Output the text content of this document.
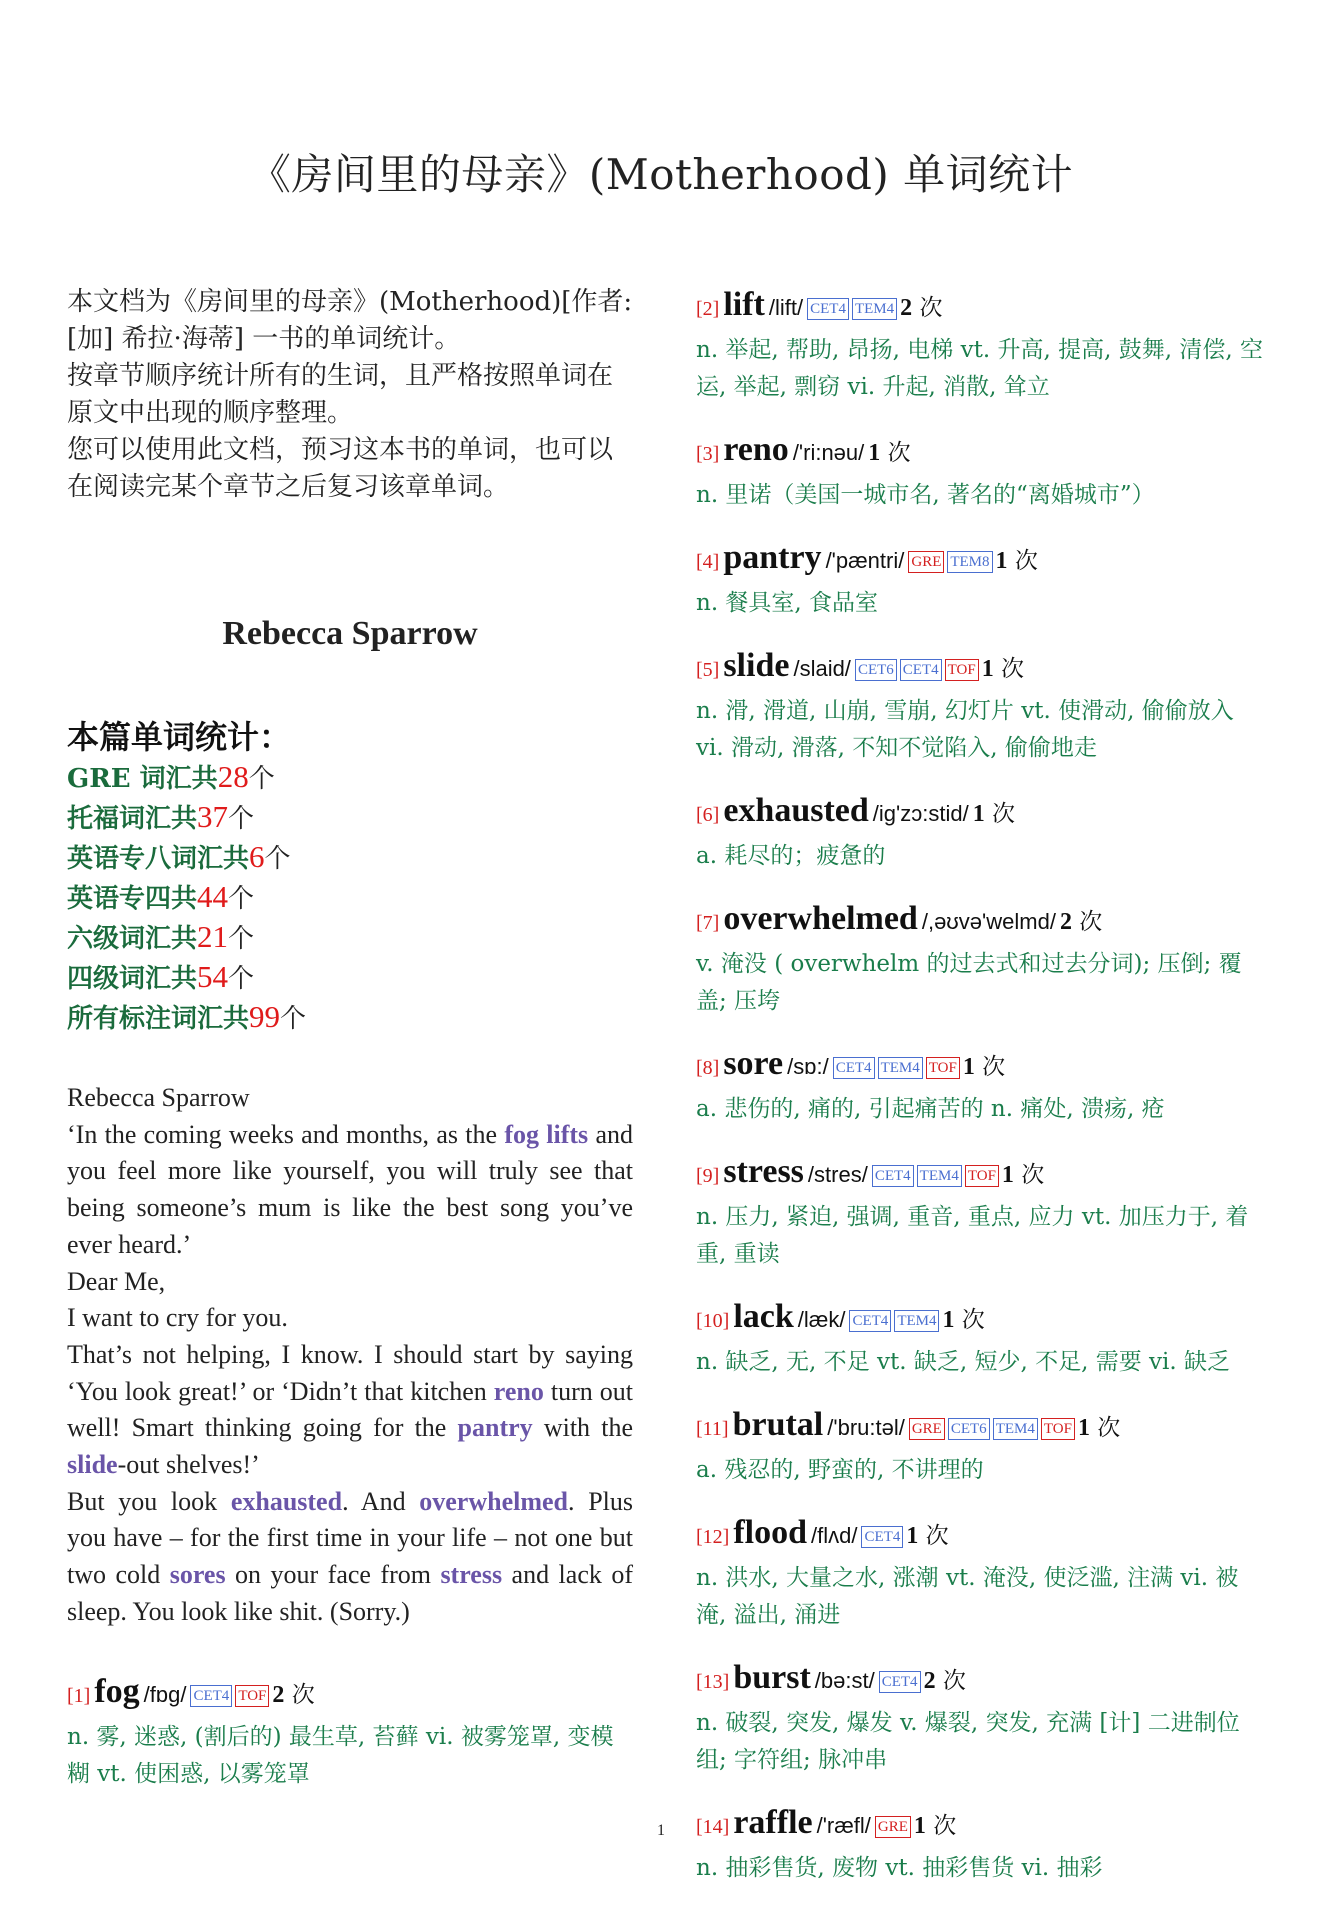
《房间里的母亲》(Motherhood) 单词统计

本文档为《房间里的母亲》(Motherhood)[作者: [加] 希拉·海蒂] 一书的单词统计。

按章节顺序统计所有的生词，且严格按照单词在原文中出现的顺序整理。

您可以使用此文档，预习这本书的单词，也可以在阅读完某个章节之后复习该章单词。

Rebecca Sparrow
本篇单词统计：
GRE 词汇共28个
托福词汇共37个
英语专八词汇共6个
英语专四共44个
六级词汇共21个
四级词汇共54个
所有标注词汇共99个

Rebecca Sparrow

‘In the coming weeks and months, as the fog lifts and you feel more like yourself, you will truly see that being someone’s mum is like the best song you’ve ever heard.’

Dear Me,

I want to cry for you.

That’s not helping, I know. I should start by saying ‘You look great!’ or ‘Didn’t that kitchen reno turn out well! Smart thinking going for the pantry with the slide-out shelves!’

But you look exhausted. And overwhelmed. Plus you have – for the first time in your life – not one but two cold sores on your face from stress and lack of sleep. You look like shit. (Sorry.)

[1] fog /fɒɡ/ CET4 TOF 2 次
n. 雾, 迷惑, (割后的) 最生草, 苔藓 vi. 被雾笼罩, 变模糊 vt. 使困惑, 以雾笼罩
[2] lift /lift/ CET4 TEM4 2 次
n. 举起, 帮助, 昂扬, 电梯 vt. 升高, 提高, 鼓舞, 清偿, 空运, 举起, 剽窃 vi. 升起, 消散, 耸立
[3] reno /'ri:nəu/ 1 次
n. 里诺（美国一城市名, 著名的“离婚城市”）
[4] pantry /'pæntri/ GRE TEM8 1 次
n. 餐具室, 食品室
[5] slide /slaid/ CET6 CET4 TOF 1 次
n. 滑, 滑道, 山崩, 雪崩, 幻灯片 vt. 使滑动, 偷偷放入 vi. 滑动, 滑落, 不知不觉陷入, 偷偷地走
[6] exhausted /ig'zɔ:stid/ 1 次
a. 耗尽的；疲惫的
[7] overwhelmed /,əʊvə'welmd/ 2 次
v. 淹没 ( overwhelm 的过去式和过去分词); 压倒; 覆盖; 压垮
[8] sore /sɒ:/ CET4 TEM4 TOF 1 次
a. 悲伤的, 痛的, 引起痛苦的 n. 痛处, 溃疡, 疮
[9] stress /stres/ CET4 TEM4 TOF 1 次
n. 压力, 紧迫, 强调, 重音, 重点, 应力 vt. 加压力于, 着重, 重读
[10] lack /læk/ CET4 TEM4 1 次
n. 缺乏, 无, 不足 vt. 缺乏, 短少, 不足, 需要 vi. 缺乏
[11] brutal /'bru:təl/ GRE CET6 TEM4 TOF 1 次
a. 残忍的, 野蛮的, 不讲理的
[12] flood /flʌd/ CET4 1 次
n. 洪水, 大量之水, 涨潮 vt. 淹没, 使泛滥, 注满 vi. 被淹, 溢出, 涌进
[13] burst /bə:st/ CET4 2 次
n. 破裂, 突发, 爆发 v. 爆裂, 突发, 充满 [计] 二进制位组; 字符组; 脉冲串
[14] raffle /'ræfl/ GRE 1 次
n. 抽彩售货, 废物 vt. 抽彩售货 vi. 抽彩
1
